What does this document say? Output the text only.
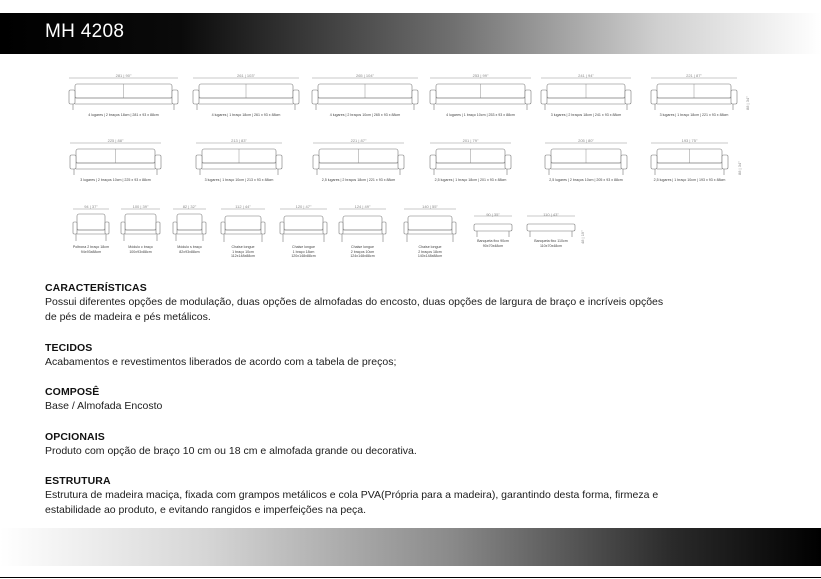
MH 4208
281 | 90"
4 lugares | 2 braços 18cm | 281 x 93 x 88cm
261 | 103"
4 lugares | 1 braço 18cm | 261 x 93 x 88cm
265 | 104"
4 lugares | 2 braços 10cm | 265 x 93 x 88cm
253 | 99"
4 lugares | 1 braço 10cm | 253 x 93 x 88cm
241 | 94"
3 lugares | 2 braços 18cm | 241 x 93 x 88cm
221 | 87"
3 lugares | 1 braço 18cm | 221 x 93 x 88cm
88 | 34"
225 | 88"
3 lugares | 2 braços 10cm | 225 x 93 x 88cm
213 | 83"
3 lugares | 1 braço 10cm | 213 x 93 x 88cm
221 | 87"
2,5 lugares | 2 braços 18cm | 221 x 93 x 88cm
201 | 79"
2,5 lugares | 1 braço 18cm | 201 x 93 x 88cm
205 | 80"
2,5 lugares | 2 braços 10cm | 205 x 93 x 88cm
193 | 75"
2,5 lugares | 1 braço 10cm | 193 x 93 x 88cm
88 | 34"
94 | 37"
Poltrona 2 braço 18cm
94x93x88cm
100 | 39"
Módulo c braço
100x93x88cm
82 | 32"
Módulo s braço
82x93x88cm
112 | 44"
Chaise longue
1 braço 10cm
112x148x88cm
120 | 47"
Chaise longue
1 braço 18cm
120x148x88cm
124 | 49"
Chaise longue
2 braços 10cm
124x148x88cm
140 | 55"
Chaise longue
2 braços 18cm
140x148x88cm
90 | 35"
Banqueta fixo 90cm
90x70x48cm
110 | 43"
Banqueta fixo 110cm
110x70x48cm
48 | 19"
CARACTERÍSTICAS

Possui diferentes opções de modulação, duas opções de almofadas do encosto, duas opções de largura de braço e incríveis opções de pés de madeira e pés metálicos.

TECIDOS

Acabamentos e revestimentos liberados de acordo com a tabela de preços;

COMPOSÊ

Base / Almofada Encosto

OPCIONAIS

Produto com opção de braço 10 cm ou 18 cm e almofada grande ou decorativa.

ESTRUTURA

Estrutura de madeira maciça, fixada com grampos metálicos e cola PVA(Própria para a madeira), garantindo desta forma, firmeza e estabilidade ao produto, e evitando rangidos e imperfeições na peça.
